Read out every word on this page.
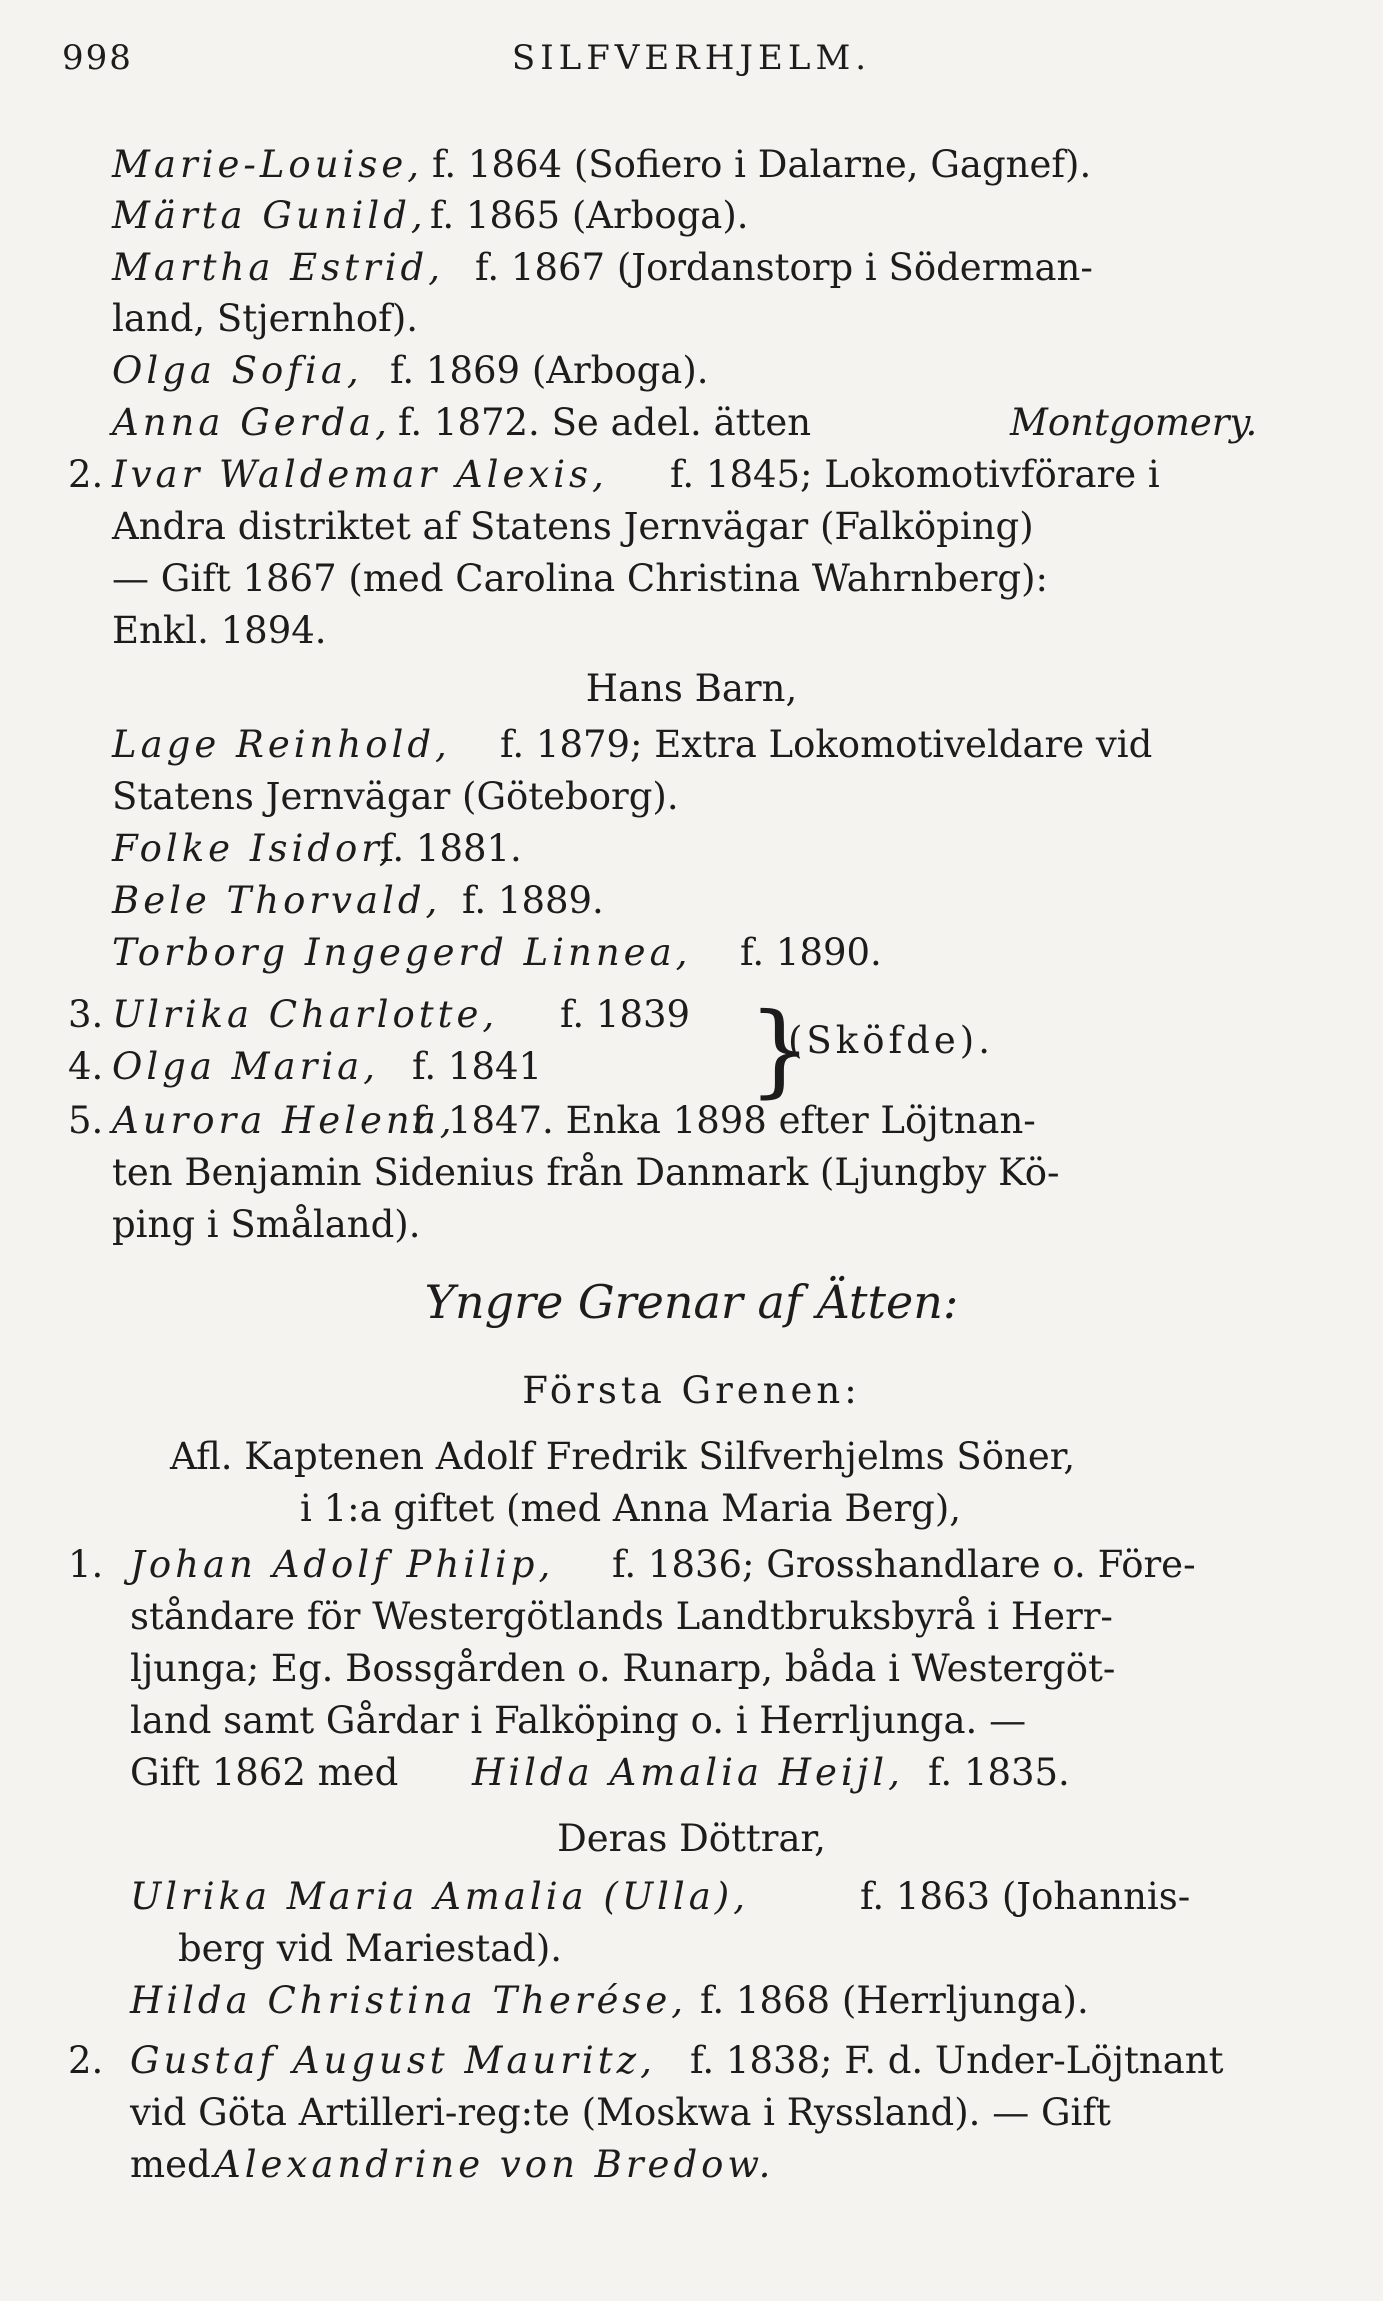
998	SILFVERHJELM.
Marie-Louise, f. 1864 (Sofiero i Dalarne, Gagnef).
Märta Gunild, f. 1865 (Arboga).
Martha Estrid, f. 1867 (Jordanstorp i Söderman-
land, Stjernhof).
Olga Sofia, f. 1869 (Arboga).
Anna Gerda, f. 1872. Se adel. ätten	Montgomery.
2. Ivar Waldemar Alexis, f. 1845; Lokomotivförare i
Andra distriktet af Statens Jernvägar (Falköping)
— Gift 1867 (med Carolina Christina Wahrnberg):
Enkl. 1894.
Hans Barn,
Lage Reinhold, f. 1879; Extra Lokomotiveldare vid
Statens Jernvägar (Göteborg).
Folke Isidor,
f. 1881.
Bele Thorvald, f. 1889.
Torborg Ingegerd Linnea, f. 1890.
3. Ulrika Charlotte, f. 1839
4. Olga Maria, f. 1841 }
(Sköfde).
5. Aurora Helena,
f. 1847. Enka 1898 efter Löjtnan-
ten Benjamin Sidenius från Danmark (Ljungby Kö-
ping i Småland).
Yngre Grenar af Ätten:
Första Grenen:
Afl. Kaptenen Adolf Fredrik Silfverhjelms Söner,
i 1:a giftet (med Anna Maria Berg),
1. Johan Adolf Philip, f. 1836; Grosshandlare o. Före-
ståndare för Westergötlands Landtbruksbyrå i Herr-
ljunga; Eg. Bossgården o. Runarp, båda i Westergöt-
land samt Gårdar i Falköping o. i Herrljunga. —
Gift 1862 med Hilda Amalia Heijl, f. 1835.
Deras Döttrar,
Ulrika Maria Amalia (Ulla),	f. 1863 (Johannis-
berg vid Mariestad).
Hilda Christina Therése, f. 1868 (Herrljunga).
2. Gustaf August Mauritz, f. 1838; F. d. Under-Löjtnant
vid Göta Artilleri-reg:te (Moskwa i Ryssland). — Gift
med Alexandrine von Bredow.
